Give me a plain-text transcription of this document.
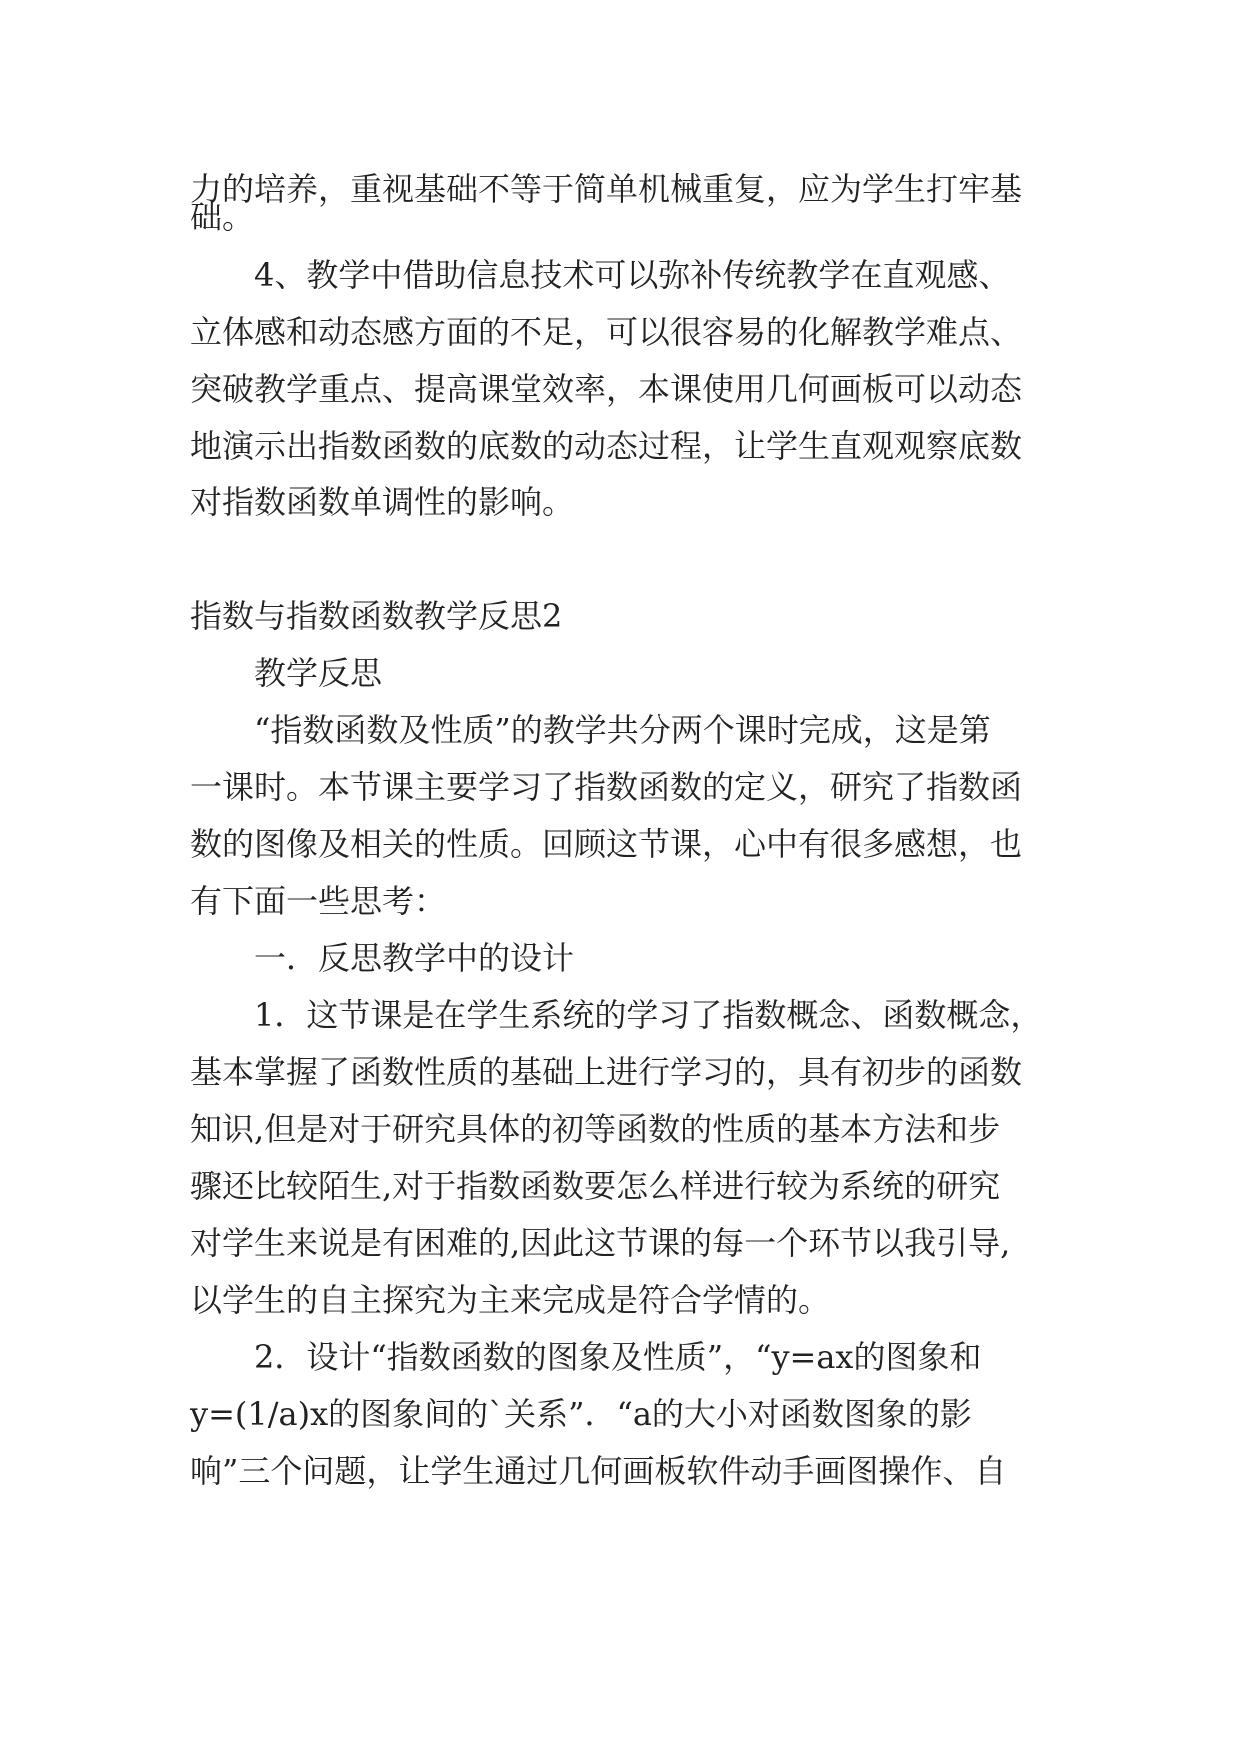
力的培养，重视基础不等于简单机械重复，应为学生打牢基
础。
4、教学中借助信息技术可以弥补传统教学在直观感、
立体感和动态感方面的不足，可以很容易的化解教学难点、
突破教学重点、提高课堂效率，本课使用几何画板可以动态
地演示出指数函数的底数的动态过程，让学生直观观察底数
对指数函数单调性的影响。
指数与指数函数教学反思2
教学反思
“指数函数及性质”的教学共分两个课时完成，这是第
一课时。本节课主要学习了指数函数的定义，研究了指数函
数的图像及相关的性质。回顾这节课，心中有很多感想，也
有下面一些思考：
一．反思教学中的设计
1．这节课是在学生系统的学习了指数概念、函数概念，
基本掌握了函数性质的基础上进行学习的，具有初步的函数
知识,但是对于研究具体的初等函数的性质的基本方法和步
骤还比较陌生,对于指数函数要怎么样进行较为系统的研究
对学生来说是有困难的,因此这节课的每一个环节以我引导,
以学生的自主探究为主来完成是符合学情的。
2．设计“指数函数的图象及性质”，“y=ax的图象和
y=(1/a)x的图象间的`关系”．“a的大小对函数图象的影
响”三个问题，让学生通过几何画板软件动手画图操作、自
